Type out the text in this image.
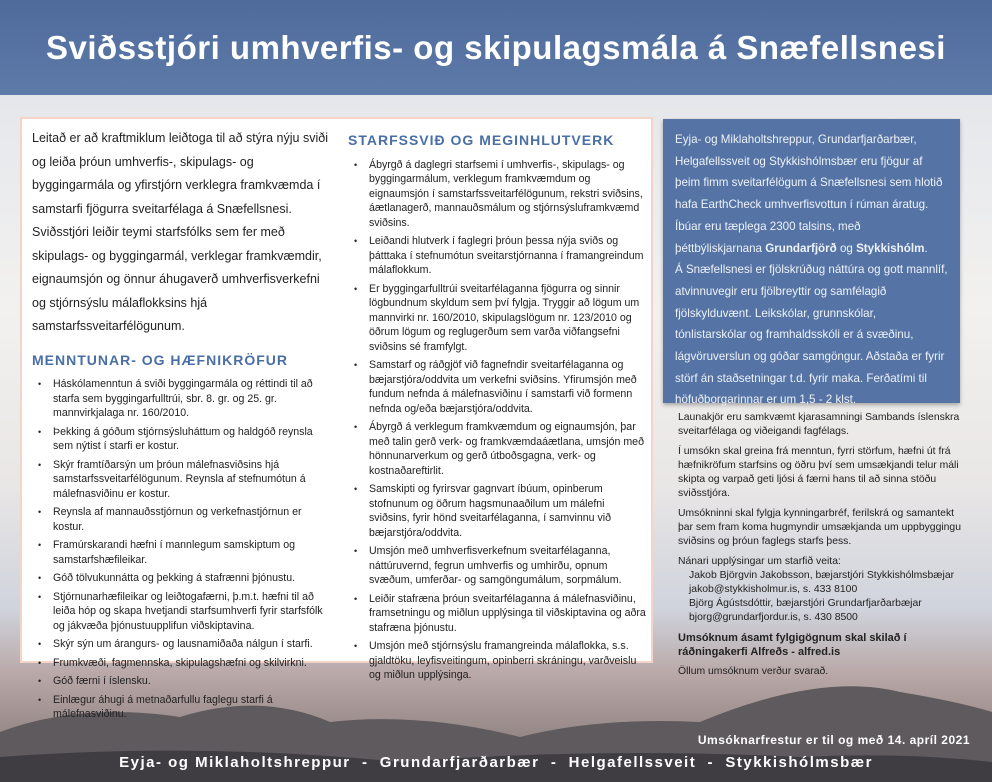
Sviðsstjóri umhverfis- og skipulagsmála á Snæfellsnesi
Leitað er að kraftmiklum leiðtoga til að stýra nýju sviði og leiða þróun umhverfis-, skipulags- og byggingarmála og yfirstjórn verklegra framkvæmda í samstarfi fjögurra sveitarfélaga á Snæfellsnesi.
Sviðsstjóri leiðir teymi starfsfólks sem fer með skipulags- og byggingarmál, verklegar framkvæmdir, eignaumsjón og önnur áhugaverð umhverfisverkefni og stjórnsýslu málaflokksins hjá samstarfssveitarfélögunum.
MENNTUNAR- OG HÆFNIKRÖFUR
• Háskólamenntun á sviði byggingarmála og réttindi til að starfa sem byggingarfulltrúi, sbr. 8. gr. og 25. gr. mannvirkjalaga nr. 160/2010.
• Þekking á góðum stjórnsýsluháttum og haldgóð reynsla sem nýtist í starfi er kostur.
• Skýr framtíðarsýn um þróun málefnasviðsins hjá samstarfssveitarfélögunum. Reynsla af stefnumótun á málefnasviðinu er kostur.
• Reynsla af mannauðsstjórnun og verkefnastjórnun er kostur.
• Framúrskarandi hæfni í mannlegum samskiptum og samstarfshæfileikar.
• Góð tölvukunnátta og þekking á stafrænni þjónustu.
• Stjórnunarhæfileikar og leiðtogafærni, þ.m.t. hæfni til að leiða hóp og skapa hvetjandi starfsumhverfi fyrir starfsfólk og jákvæða þjónustuupplifun viðskiptavina.
• Skýr sýn um árangurs- og lausnamiðaða nálgun í starfi.
• Frumkvæði, fagmennska, skipulagshæfni og skilvirkni.
• Góð færni í íslensku.
• Einlægur áhugi á metnaðarfullu faglegu starfi á málefnasviðinu.
STARFSSVIÐ OG MEGINHLUTVERK
• Ábyrgð á daglegri starfsemi í umhverfis-, skipulags- og byggingarmálum, verklegum framkvæmdum og eignaumsjón í samstarfssveitarfélögunum, rekstri sviðsins, áætlanagerð, mannauðsmálum og stjórnsýsluframkvæmd sviðsins.
• Leiðandi hlutverk í faglegri þróun þessa nýja sviðs og þátttaka í stefnumótun sveitarstjórnanna í framangreindum málaflokkum.
• Er byggingarfulltrúi sveitarfélaganna fjögurra og sinnir lögbundnum skyldum sem því fylgja. Tryggir að lögum um mannvirki nr. 160/2010, skipulagslögum nr. 123/2010 og öðrum lögum og reglugerðum sem varða viðfangsefni sviðsins sé framfylgt.
• Samstarf og ráðgjöf við fagnefndir sveitarfélaganna og bæjarstjóra/oddvita um verkefni sviðsins. Yfirumsjón með fundum nefnda á málefnasviðinu í samstarfi við formenn nefnda og/eða bæjarstjóra/oddvita.
• Ábyrgð á verklegum framkvæmdum og eignaumsjón, þar með talin gerð verk- og framkvæmdaáætlana, umsjón með hönnunarverkum og gerð útboðsgagna, verk- og kostnaðareftirlit.
• Samskipti og fyrirsvar gagnvart íbúum, opinberum stofnunum og öðrum hagsmunaaðilum um málefni sviðsins, fyrir hönd sveitarfélaganna, í samvinnu við bæjarstjóra/oddvita.
• Umsjón með umhverfisverkefnum sveitarfélaganna, náttúruvernd, fegrun umhverfis og umhirðu, opnum svæðum, umferðar- og samgöngumálum, sorpmálum.
• Leiðir stafræna þróun sveitarfélaganna á málefnasviðinu, framsetningu og miðlun upplýsinga til viðskiptavina og aðra stafræna þjónustu.
• Umsjón með stjórnsýslu framangreinda málaflokka, s.s. gjaldtöku, leyfisveitingum, opinberri skráningu, varðveislu og miðlun upplýsinga.

Eyja- og Miklaholtshreppur, Grundarfjarðarbær, Helgafellssveit og Stykkishólmsbær eru fjögur af þeim fimm sveitarfélögum á Snæfellsnesi sem hlotið hafa EarthCheck umhverfisvottun í rúman áratug. Íbúar eru tæplega 2300 talsins, með þéttbýliskjarnana Grundarfjörð og Stykkishólm.

Á Snæfellsnesi er fjölskrúðug náttúra og gott mannlíf, atvinnuvegir eru fjölbreyttir og samfélagið fjölskylduvænt. Leikskólar, grunnskólar, tónlistarskólar og framhaldsskóli er á svæðinu, lágvöruverslun og góðar samgöngur. Aðstaða er fyrir störf án staðsetningar t.d. fyrir maka. Ferðatími til höfuðborgarinnar er um 1,5 - 2 klst.

Launakjör eru samkvæmt kjarasamningi Sambands íslenskra sveitarfélaga og viðeigandi fagfélags.

Í umsókn skal greina frá menntun, fyrri störfum, hæfni út frá hæfnikröfum starfsins og öðru því sem umsækjandi telur máli skipta og varpað geti ljósi á færni hans til að sinna stöðu sviðsstjóra.

Umsókninni skal fylgja kynningarbréf, ferilskrá og samantekt þar sem fram koma hugmyndir umsækjanda um uppbyggingu sviðsins og þróun faglegs starfs þess.

Nánari upplýsingar um starfið veita:
Jakob Björgvin Jakobsson, bæjarstjóri Stykkishólmsbæjar
jakob@stykkisholmur.is, s. 433 8100
Björg Ágústsdóttir, bæjarstjóri Grundarfjarðarbæjar
bjorg@grundarfjordur.is, s. 430 8500

Umsóknum ásamt fylgigögnum skal skilað í ráðningakerfi Alfreðs - alfred.is

Öllum umsóknum verður svarað.

Umsóknarfrestur er til og með 14. apríl 2021
Eyja- og Miklaholtshreppur  -  Grundarfjarðarbær  -  Helgafellssveit  -  Stykkishólmsbær
